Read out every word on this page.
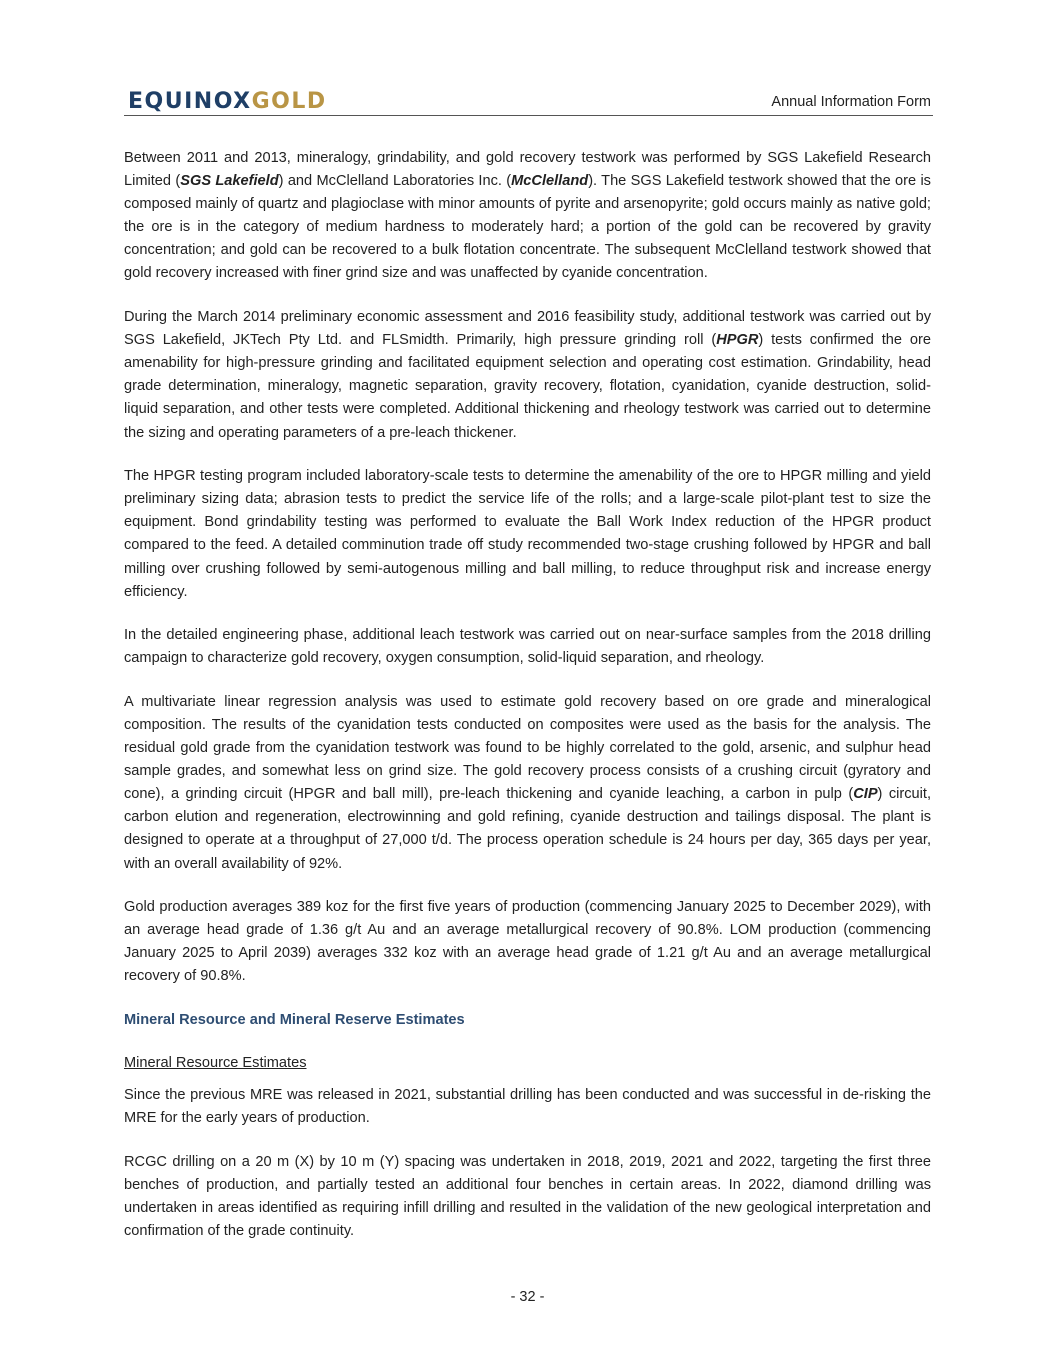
EQUINOXGOLD	Annual Information Form

Between 2011 and 2013, mineralogy, grindability, and gold recovery testwork was performed by SGS Lakefield Research Limited (SGS Lakefield) and McClelland Laboratories Inc. (McClelland). The SGS Lakefield testwork showed that the ore is composed mainly of quartz and plagioclase with minor amounts of pyrite and arsenopyrite; gold occurs mainly as native gold; the ore is in the category of medium hardness to moderately hard; a portion of the gold can be recovered by gravity concentration; and gold can be recovered to a bulk flotation concentrate. The subsequent McClelland testwork showed that gold recovery increased with finer grind size and was unaffected by cyanide concentration.

During the March 2014 preliminary economic assessment and 2016 feasibility study, additional testwork was carried out by SGS Lakefield, JKTech Pty Ltd. and FLSmidth. Primarily, high pressure grinding roll (HPGR) tests confirmed the ore amenability for high-pressure grinding and facilitated equipment selection and operating cost estimation. Grindability, head grade determination, mineralogy, magnetic separation, gravity recovery, flotation, cyanidation, cyanide destruction, solid-liquid separation, and other tests were completed. Additional thickening and rheology testwork was carried out to determine the sizing and operating parameters of a pre-leach thickener.

The HPGR testing program included laboratory-scale tests to determine the amenability of the ore to HPGR milling and yield preliminary sizing data; abrasion tests to predict the service life of the rolls; and a large-scale pilot-plant test to size the equipment. Bond grindability testing was performed to evaluate the Ball Work Index reduction of the HPGR product compared to the feed. A detailed comminution trade off study recommended two-stage crushing followed by HPGR and ball milling over crushing followed by semi-autogenous milling and ball milling, to reduce throughput risk and increase energy efficiency.

In the detailed engineering phase, additional leach testwork was carried out on near-surface samples from the 2018 drilling campaign to characterize gold recovery, oxygen consumption, solid-liquid separation, and rheology.

A multivariate linear regression analysis was used to estimate gold recovery based on ore grade and mineralogical composition. The results of the cyanidation tests conducted on composites were used as the basis for the analysis. The residual gold grade from the cyanidation testwork was found to be highly correlated to the gold, arsenic, and sulphur head sample grades, and somewhat less on grind size. The gold recovery process consists of a crushing circuit (gyratory and cone), a grinding circuit (HPGR and ball mill), pre-leach thickening and cyanide leaching, a carbon in pulp (CIP) circuit, carbon elution and regeneration, electrowinning and gold refining, cyanide destruction and tailings disposal. The plant is designed to operate at a throughput of 27,000 t/d. The process operation schedule is 24 hours per day, 365 days per year, with an overall availability of 92%.

Gold production averages 389 koz for the first five years of production (commencing January 2025 to December 2029), with an average head grade of 1.36 g/t Au and an average metallurgical recovery of 90.8%. LOM production (commencing January 2025 to April 2039) averages 332 koz with an average head grade of 1.21 g/t Au and an average metallurgical recovery of 90.8%.

Mineral Resource and Mineral Reserve Estimates
Mineral Resource Estimates

Since the previous MRE was released in 2021, substantial drilling has been conducted and was successful in de-risking the MRE for the early years of production.

RCGC drilling on a 20 m (X) by 10 m (Y) spacing was undertaken in 2018, 2019, 2021 and 2022, targeting the first three benches of production, and partially tested an additional four benches in certain areas. In 2022, diamond drilling was undertaken in areas identified as requiring infill drilling and resulted in the validation of the new geological interpretation and confirmation of the grade continuity.

- 32 -
